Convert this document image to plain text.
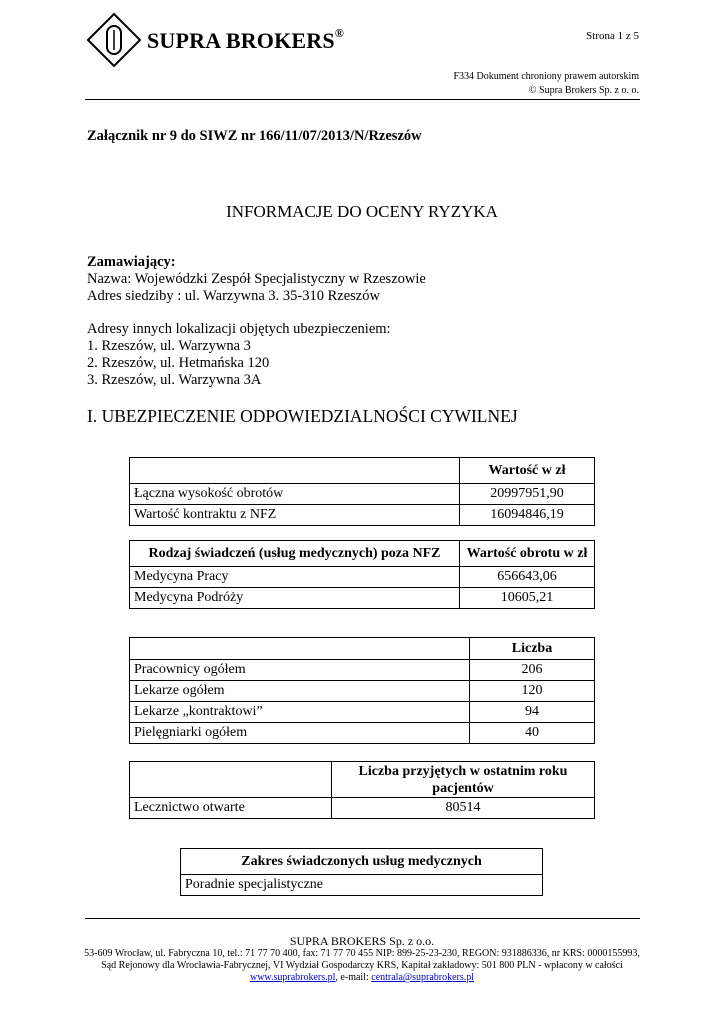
SUPRA BROKERS®	Strona 1 z 5
F334 Dokument chroniony prawem autorskim
© Supra Brokers Sp. z o. o.
Załącznik nr 9 do SIWZ nr 166/11/07/2013/N/Rzeszów
INFORMACJE DO OCENY RYZYKA
Zamawiający:
Nazwa: Wojewódzki Zespół Specjalistyczny w Rzeszowie
Adres siedziby : ul. Warzywna 3. 35-310 Rzeszów
Adresy innych lokalizacji objętych ubezpieczeniem:
1. Rzeszów, ul. Warzywna 3
2. Rzeszów, ul. Hetmańska 120
3. Rzeszów, ul. Warzywna 3A
I. UBEZPIECZENIE ODPOWIEDZIALNOŚCI CYWILNEJ
	Wartość w zł
Łączna wysokość obrotów	20997951,90
Wartość kontraktu z NFZ	16094846,19
Rodzaj świadczeń (usług medycznych) poza NFZ	Wartość obrotu w zł
Medycyna Pracy	656643,06
Medycyna Podróży	10605,21
	Liczba
Pracownicy ogółem	206
Lekarze ogółem	120
Lekarze „kontraktowi”	94
Pielęgniarki ogółem	40
	Liczba przyjętych w ostatnim roku pacjentów
Lecznictwo otwarte	80514
Zakres świadczonych usług medycznych
Poradnie specjalistyczne
SUPRA BROKERS Sp. z o.o.
53-609 Wrocław, ul. Fabryczna 10, tel.: 71 77 70 400, fax: 71 77 70 455 NIP: 899-25-23-230, REGON: 931886336, nr KRS: 0000155993,
Sąd Rejonowy dla Wrocławia-Fabrycznej, VI Wydział Gospodarczy KRS, Kapitał zakładowy: 501 800 PLN - wpłacony w całości
www.suprabrokers.pl, e-mail: centrala@suprabrokers.pl
